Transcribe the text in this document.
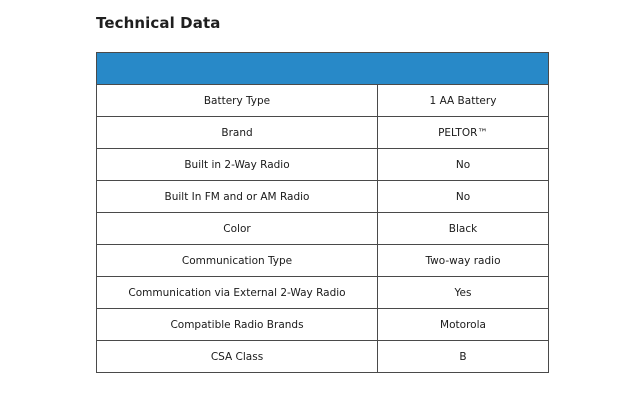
Technical Data

Battery Type	1 AA Battery
Brand	PELTOR™
Built in 2-Way Radio	No
Built In FM and or AM Radio	No
Color	Black
Communication Type	Two-way radio
Communication via External 2-Way Radio	Yes
Compatible Radio Brands	Motorola
CSA Class	B
